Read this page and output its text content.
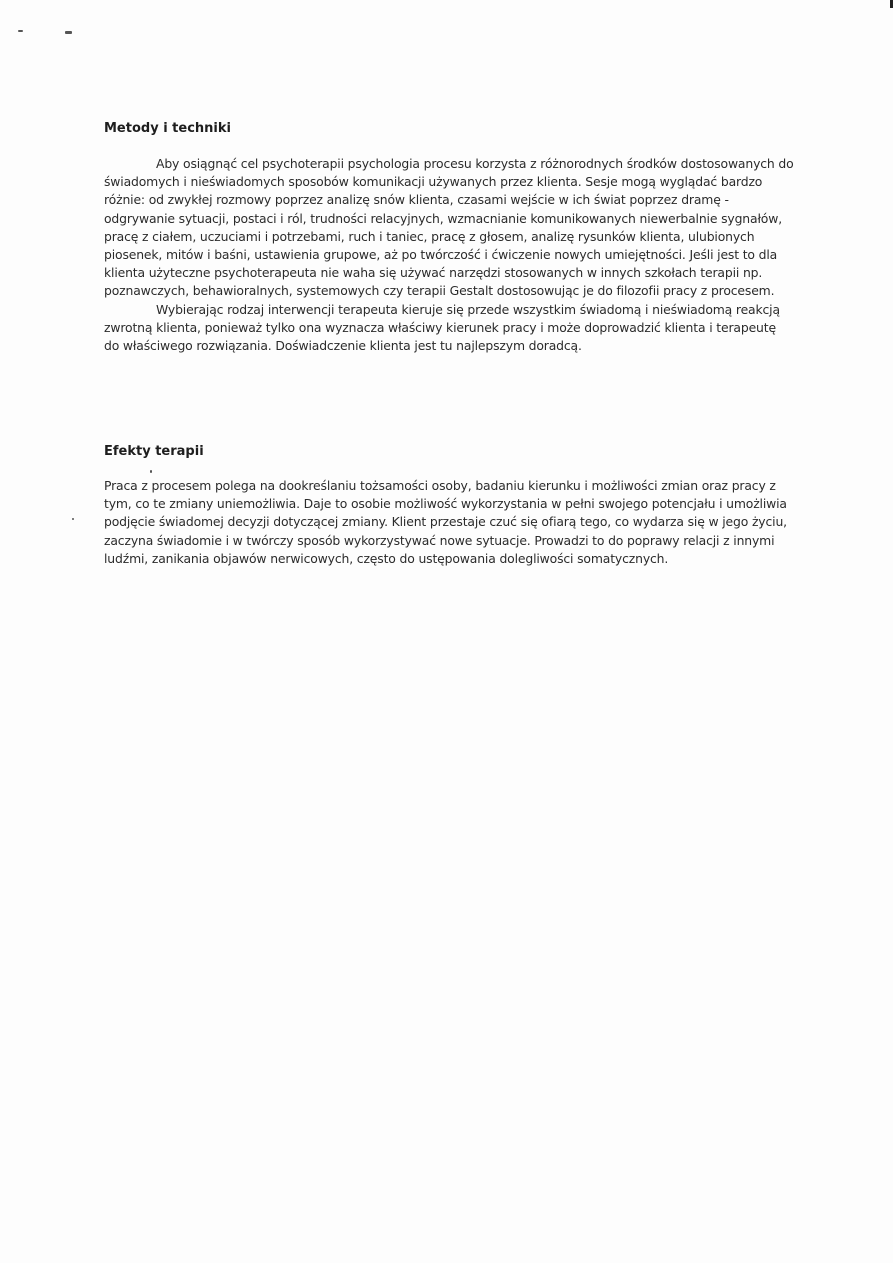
Metody i techniki

Aby osiągnąć cel psychoterapii psychologia procesu korzysta z różnorodnych środków dostosowanych do świadomych i nieświadomych sposobów komunikacji używanych przez klienta. Sesje mogą wyglądać bardzo różnie: od zwykłej rozmowy poprzez analizę snów klienta, czasami wejście w ich świat poprzez dramę - odgrywanie sytuacji, postaci i ról, trudności relacyjnych, wzmacnianie komunikowanych niewerbalnie sygnałów, pracę z ciałem, uczuciami i potrzebami, ruch i taniec, pracę z głosem, analizę rysunków klienta, ulubionych piosenek, mitów i baśni, ustawienia grupowe, aż po twórczość i ćwiczenie nowych umiejętności. Jeśli jest to dla klienta użyteczne psychoterapeuta nie waha się używać narzędzi stosowanych w innych szkołach terapii np. poznawczych, behawioralnych, systemowych czy terapii Gestalt dostosowując je do filozofii pracy z procesem.

Wybierając rodzaj interwencji terapeuta kieruje się przede wszystkim świadomą i nieświadomą reakcją zwrotną klienta, ponieważ tylko ona wyznacza właściwy kierunek pracy i może doprowadzić klienta i terapeutę do właściwego rozwiązania. Doświadczenie klienta jest tu najlepszym doradcą.

Efekty terapii

Praca z procesem polega na dookreślaniu tożsamości osoby, badaniu kierunku i możliwości zmian oraz pracy z tym, co te zmiany uniemożliwia. Daje to osobie możliwość wykorzystania w pełni swojego potencjału i umożliwia podjęcie świadomej decyzji dotyczącej zmiany. Klient przestaje czuć się ofiarą tego, co wydarza się w jego życiu, zaczyna świadomie i w twórczy sposób wykorzystywać nowe sytuacje. Prowadzi to do poprawy relacji z innymi ludźmi, zanikania objawów nerwicowych, często do ustępowania dolegliwości somatycznych.
